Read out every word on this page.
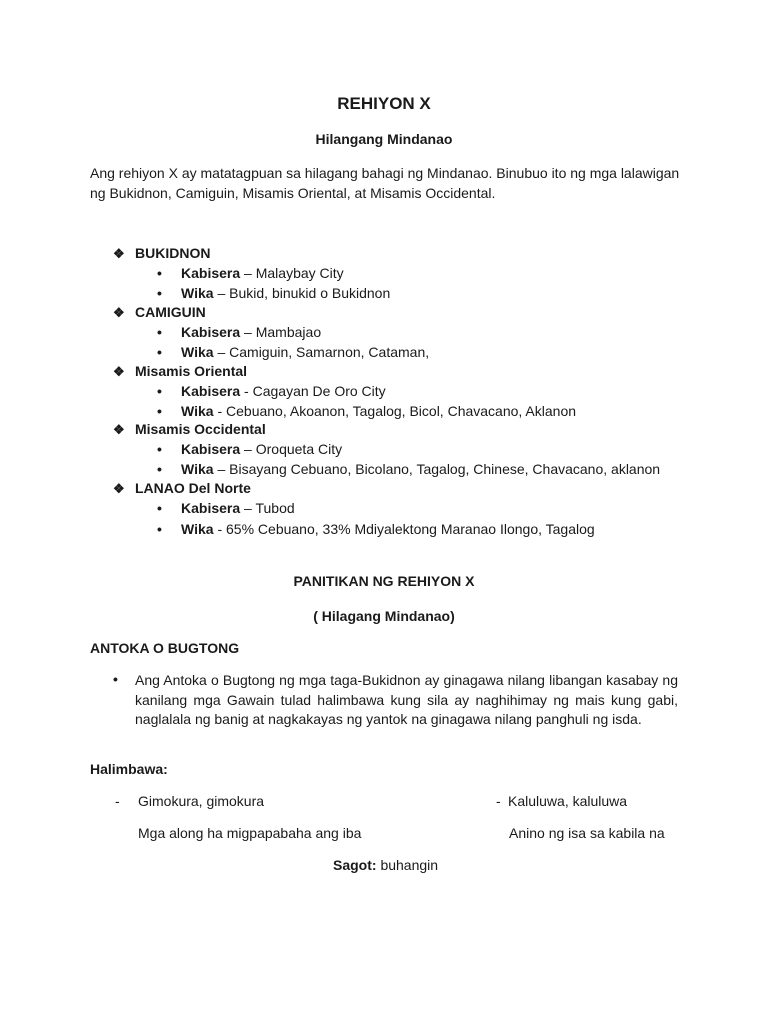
REHIYON X
Hilangang Mindanao
Ang rehiyon X ay matatagpuan sa hilagang bahagi ng Mindanao. Binubuo ito ng mga lalawigan ng Bukidnon, Camiguin, Misamis Oriental, at Misamis Occidental.
❖ BUKIDNON
• Kabisera – Malaybay City
• Wika – Bukid, binukid o Bukidnon
❖ CAMIGUIN
• Kabisera – Mambajao
• Wika – Camiguin, Samarnon, Cataman,
❖ Misamis Oriental
• Kabisera - Cagayan De Oro City
• Wika - Cebuano, Akoanon, Tagalog, Bicol, Chavacano, Aklanon
❖ Misamis Occidental
• Kabisera – Oroqueta City
• Wika – Bisayang Cebuano, Bicolano, Tagalog, Chinese, Chavacano, aklanon
❖ LANAO Del Norte
• Kabisera – Tubod
• Wika - 65% Cebuano, 33% Mdiyalektong Maranao Ilongo, Tagalog
PANITIKAN NG REHIYON X
( Hilagang Mindanao)
ANTOKA O BUGTONG
• Ang Antoka o Bugtong ng mga taga-Bukidnon ay ginagawa nilang libangan kasabay ng kanilang mga Gawain tulad halimbawa kung sila ay naghihimay ng mais kung gabi, naglalala ng banig at nagkakayas ng yantok na ginagawa nilang panghuli ng isda.
Halimbawa:
- Gimokura, gimokura	- Kaluluwa, kaluluwa
Mga along ha migpapabaha ang iba	Anino ng isa sa kabila na
Sagot: buhangin
